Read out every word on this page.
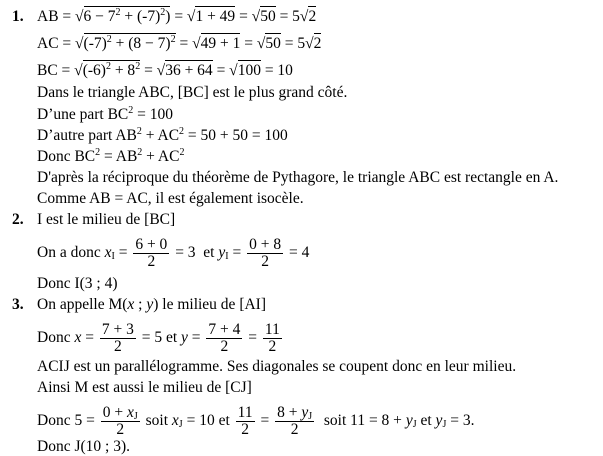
1. AB = $√6 - 7^2 + (-7)^2) = √1 + 49 = √50 = 5√2$
AC = $√(-7)^2 + (8 - 7)^2 = √49 + 1 = √50 = 5√2$
BC = $√(-6)^2 + 8^2 = √36 + 64 = √100 = 10$
Dans le triangle ABC, [BC] est le plus grand côté.
D’une part $BC^2 = 100$
D’autre part $AB^2 + AC^2 = 50 + 50 = 100$
Donc $BC^2 = AB^2 + AC^2$
D'après la réciproque du théorème de Pythagore, le triangle ABC est rectangle en A.
Comme AB = AC, il est également isocèle.
2. I est le milieu de [BC]
On a donc $x_I = \frac{6 + 0}{2} = 3$  et $y_I = \frac{0 + 8}{2} = 4$
Donc I(3 ; 4)
3. On appelle M(x ; y) le milieu de [AI]
Donc $x = \frac{7 + 3}{2} = 5$ et $y = \frac{7 + 4}{2} = \frac{11}{2}$
ACIJ est un parallélogramme. Ses diagonales se coupent donc en leur milieu.
Ainsi M est aussi le milieu de [CJ]
Donc $5 = \frac{0 + x_J}{2}$ soit $x_J = 10$ et $\frac{11}{2} = \frac{8 + y_J}{2}$ soit $11 = 8 + y_J$ et $y_J = 3$.
Donc J(10 ; 3).
